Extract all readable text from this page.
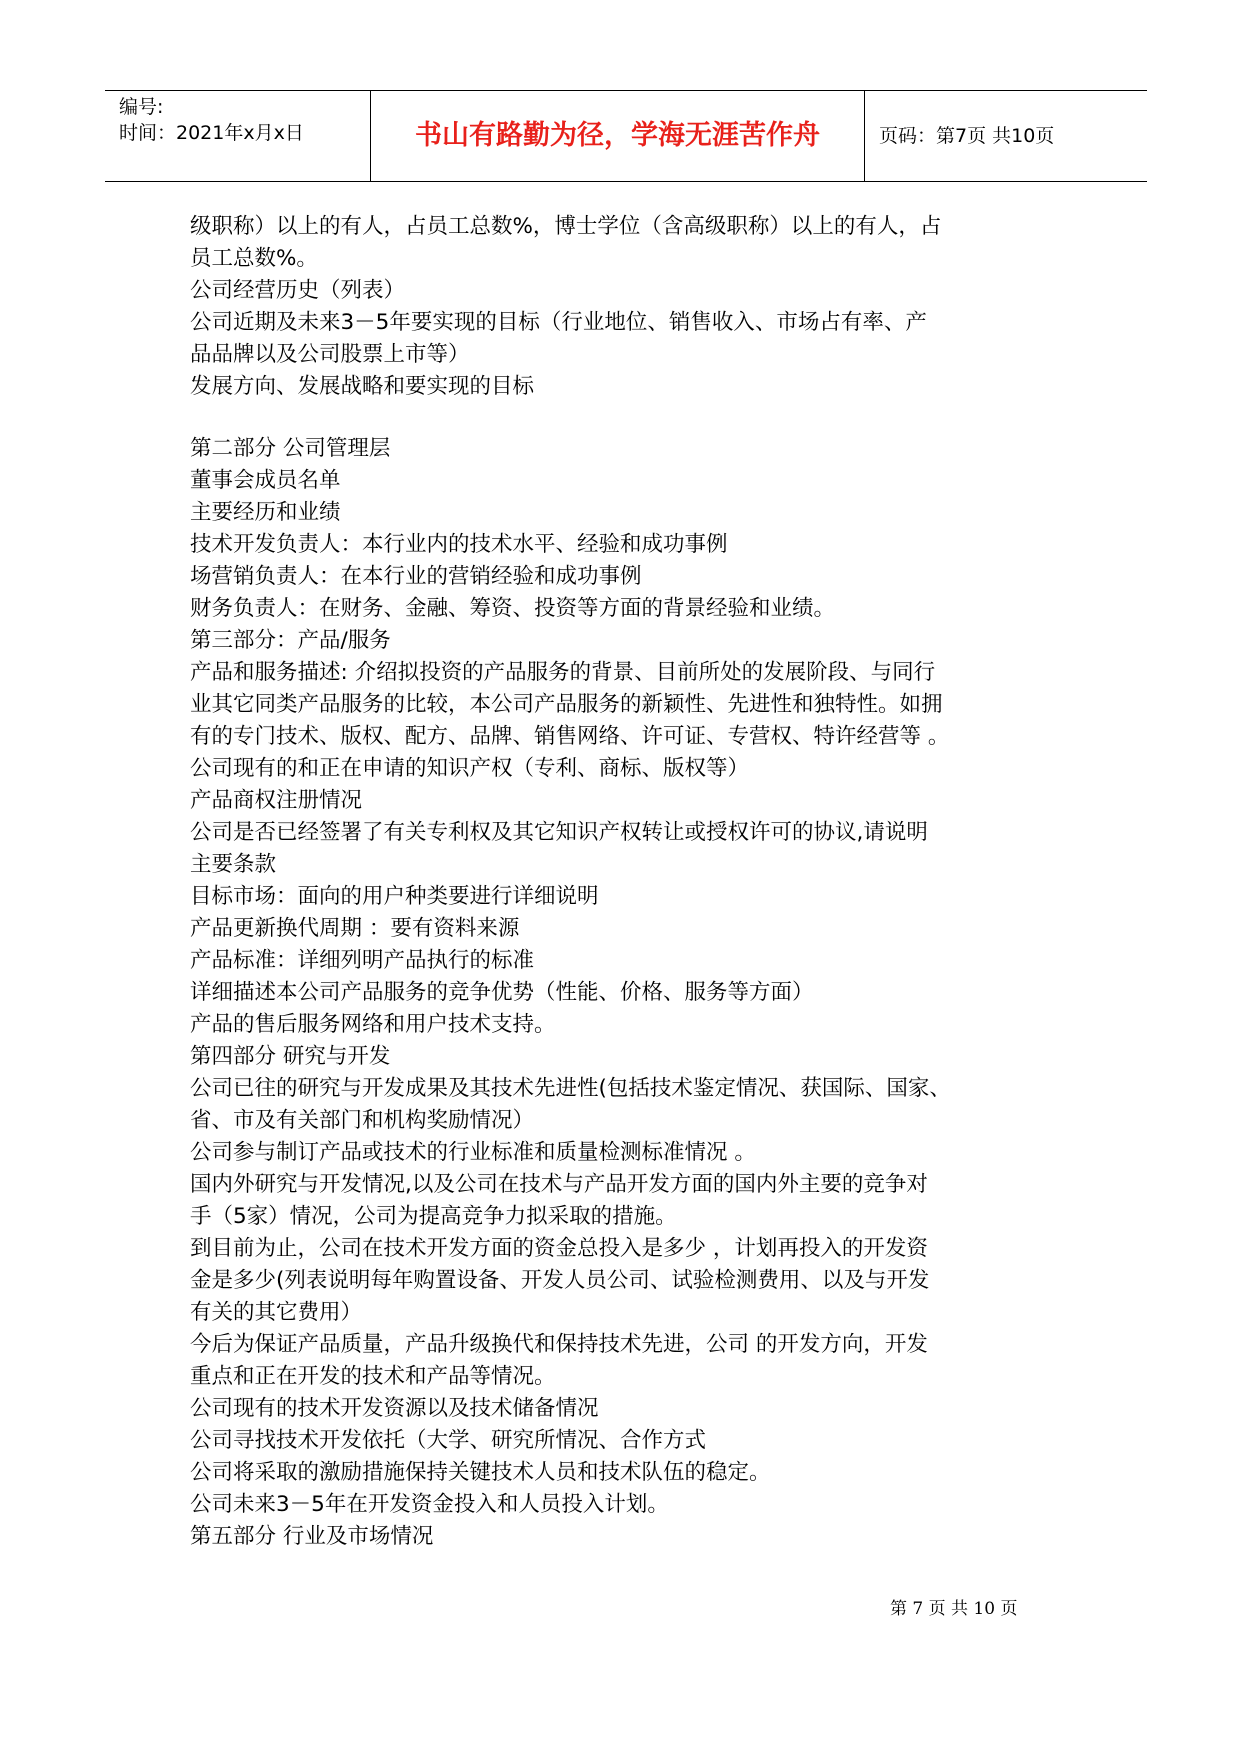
编号:
时间：2021年x月x日	书山有路勤为径，学海无涯苦作舟	页码：第7页 共10页
级职称）以上的有人，占员工总数%，博士学位（含高级职称）以上的有人，占
员工总数%。
公司经营历史（列表）
公司近期及未来3－5年要实现的目标（行业地位、销售收入、市场占有率、产
品品牌以及公司股票上市等）
发展方向、发展战略和要实现的目标
第二部分 公司管理层
董事会成员名单
主要经历和业绩
技术开发负责人：本行业内的技术水平、经验和成功事例
场营销负责人：在本行业的营销经验和成功事例
财务负责人：在财务、金融、筹资、投资等方面的背景经验和业绩。
第三部分：产品/服务
产品和服务描述: 介绍拟投资的产品服务的背景、目前所处的发展阶段、与同行
业其它同类产品服务的比较，本公司产品服务的新颖性、先进性和独特性。如拥
有的专门技术、版权、配方、品牌、销售网络、许可证、专营权、特许经营等 。
公司现有的和正在申请的知识产权（专利、商标、版权等）
产品商权注册情况
公司是否已经签署了有关专利权及其它知识产权转让或授权许可的协议,请说明
主要条款
目标市场：面向的用户种类要进行详细说明
产品更新换代周期 ：要有资料来源
产品标准：详细列明产品执行的标准
详细描述本公司产品服务的竞争优势（性能、价格、服务等方面）
产品的售后服务网络和用户技术支持。
第四部分 研究与开发
公司已往的研究与开发成果及其技术先进性(包括技术鉴定情况、获国际、国家、
省、市及有关部门和机构奖励情况）
公司参与制订产品或技术的行业标准和质量检测标准情况 。
国内外研究与开发情况,以及公司在技术与产品开发方面的国内外主要的竞争对
手（5家）情况，公司为提高竞争力拟采取的措施。
到目前为止，公司在技术开发方面的资金总投入是多少 ，计划再投入的开发资
金是多少(列表说明每年购置设备、开发人员公司、试验检测费用、以及与开发
有关的其它费用）
今后为保证产品质量，产品升级换代和保持技术先进，公司 的开发方向，开发
重点和正在开发的技术和产品等情况。
公司现有的技术开发资源以及技术储备情况
公司寻找技术开发依托（大学、研究所情况、合作方式
公司将采取的激励措施保持关键技术人员和技术队伍的稳定。
公司未来3－5年在开发资金投入和人员投入计划。
第五部分 行业及市场情况
第 7 页 共 10 页
